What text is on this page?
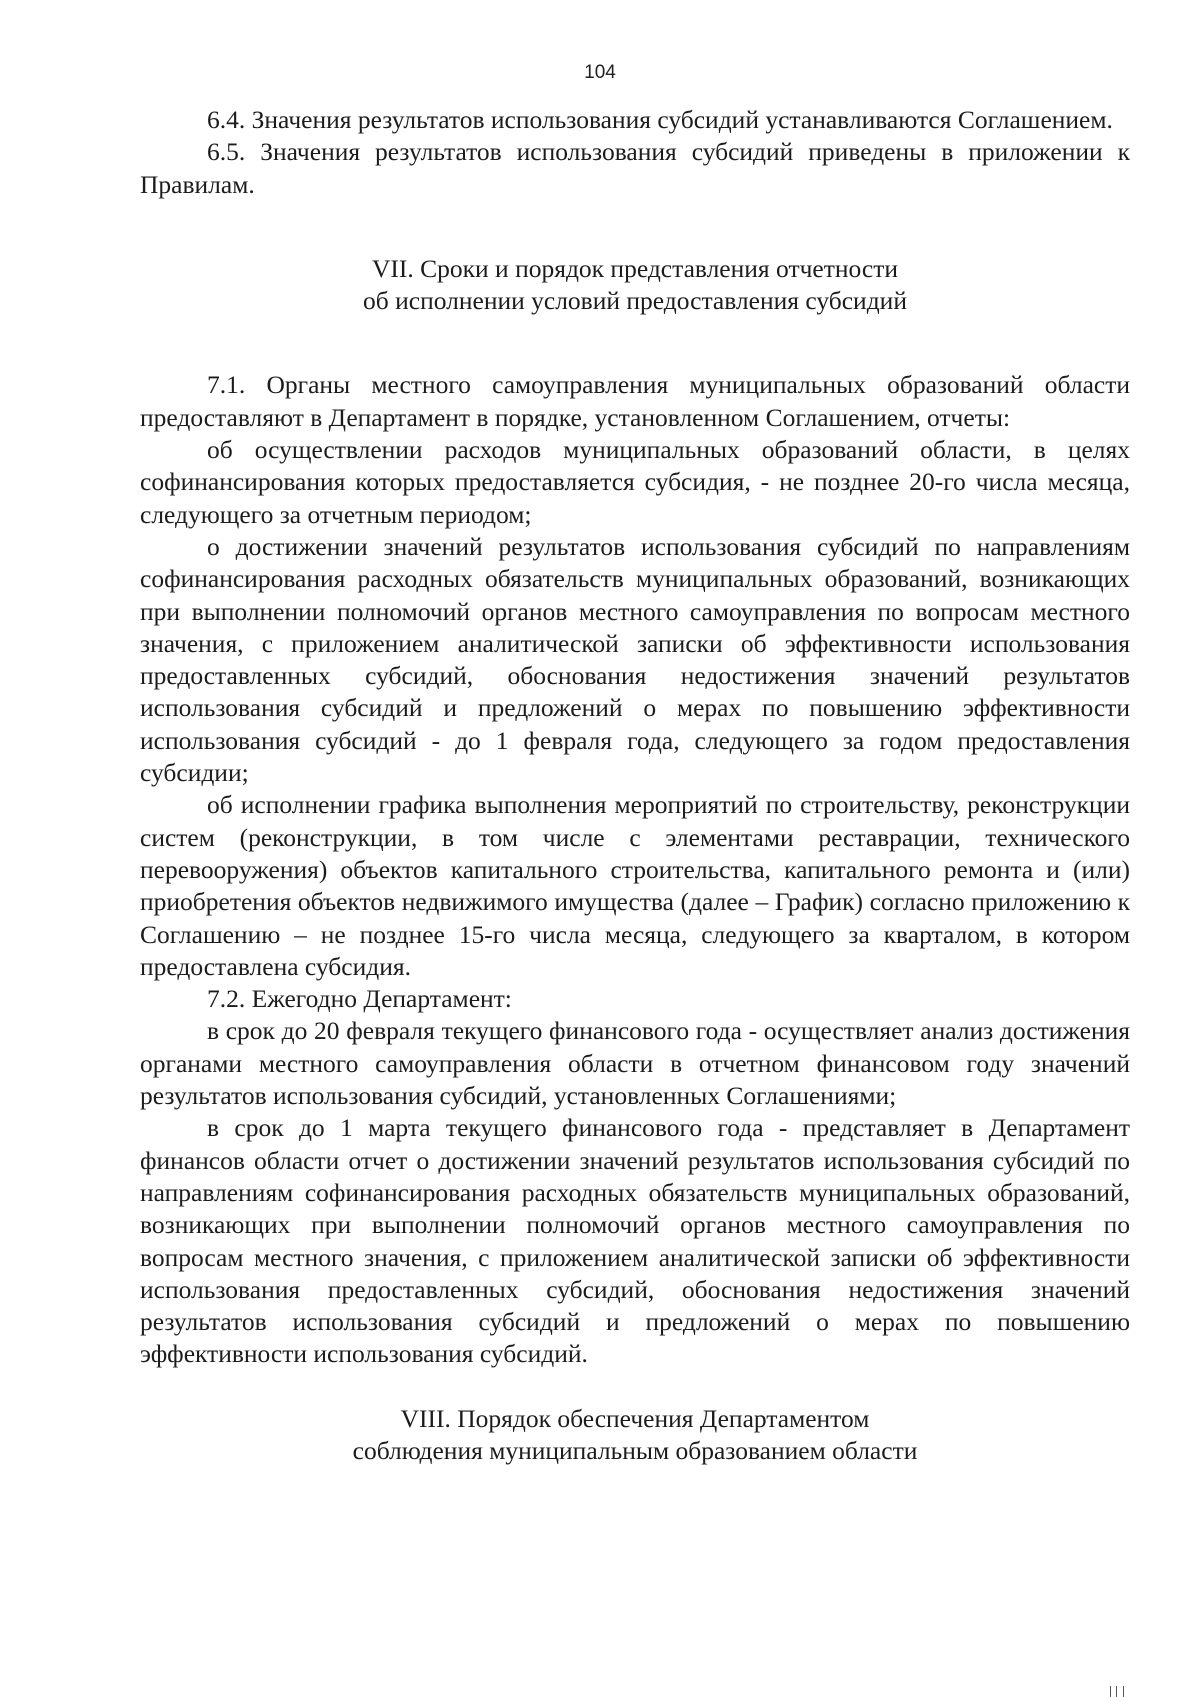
104

6.4. Значения результатов использования субсидий устанавливаются Соглашением.

6.5. Значения результатов использования субсидий приведены в приложении к Правилам.

VII. Сроки и порядок представления отчетности
об исполнении условий предоставления субсидий

7.1. Органы местного самоуправления муниципальных образований области предоставляют в Департамент в порядке, установленном Соглашением, отчеты:

об осуществлении расходов муниципальных образований области, в целях софинансирования которых предоставляется субсидия, - не позднее 20-го числа месяца, следующего за отчетным периодом;

о достижении значений результатов использования субсидий по направлениям софинансирования расходных обязательств муниципальных образований, возникающих при выполнении полномочий органов местного самоуправления по вопросам местного значения, с приложением аналитической записки об эффективности использования предоставленных субсидий, обоснования недостижения значений результатов использования субсидий и предложений о мерах по повышению эффективности использования субсидий - до 1 февраля года, следующего за годом предоставления субсидии;

об исполнении графика выполнения мероприятий по строительству, реконструкции систем (реконструкции, в том числе с элементами реставрации, технического перевооружения) объектов капитального строительства, капитального ремонта и (или) приобретения объектов недвижимого имущества (далее – График) согласно приложению к Соглашению – не позднее 15-го числа месяца, следующего за кварталом, в котором предоставлена субсидия.

7.2. Ежегодно Департамент:

в срок до 20 февраля текущего финансового года - осуществляет анализ достижения органами местного самоуправления области в отчетном финансовом году значений результатов использования субсидий, установленных Соглашениями;

в срок до 1 марта текущего финансового года - представляет в Департамент финансов области отчет о достижении значений результатов использования субсидий по направлениям софинансирования расходных обязательств муниципальных образований, возникающих при выполнении полномочий органов местного самоуправления по вопросам местного значения, с приложением аналитической записки об эффективности использования предоставленных субсидий, обоснования недостижения значений результатов использования субсидий и предложений о мерах по повышению эффективности использования субсидий.

VIII. Порядок обеспечения Департаментом
соблюдения муниципальным образованием области
